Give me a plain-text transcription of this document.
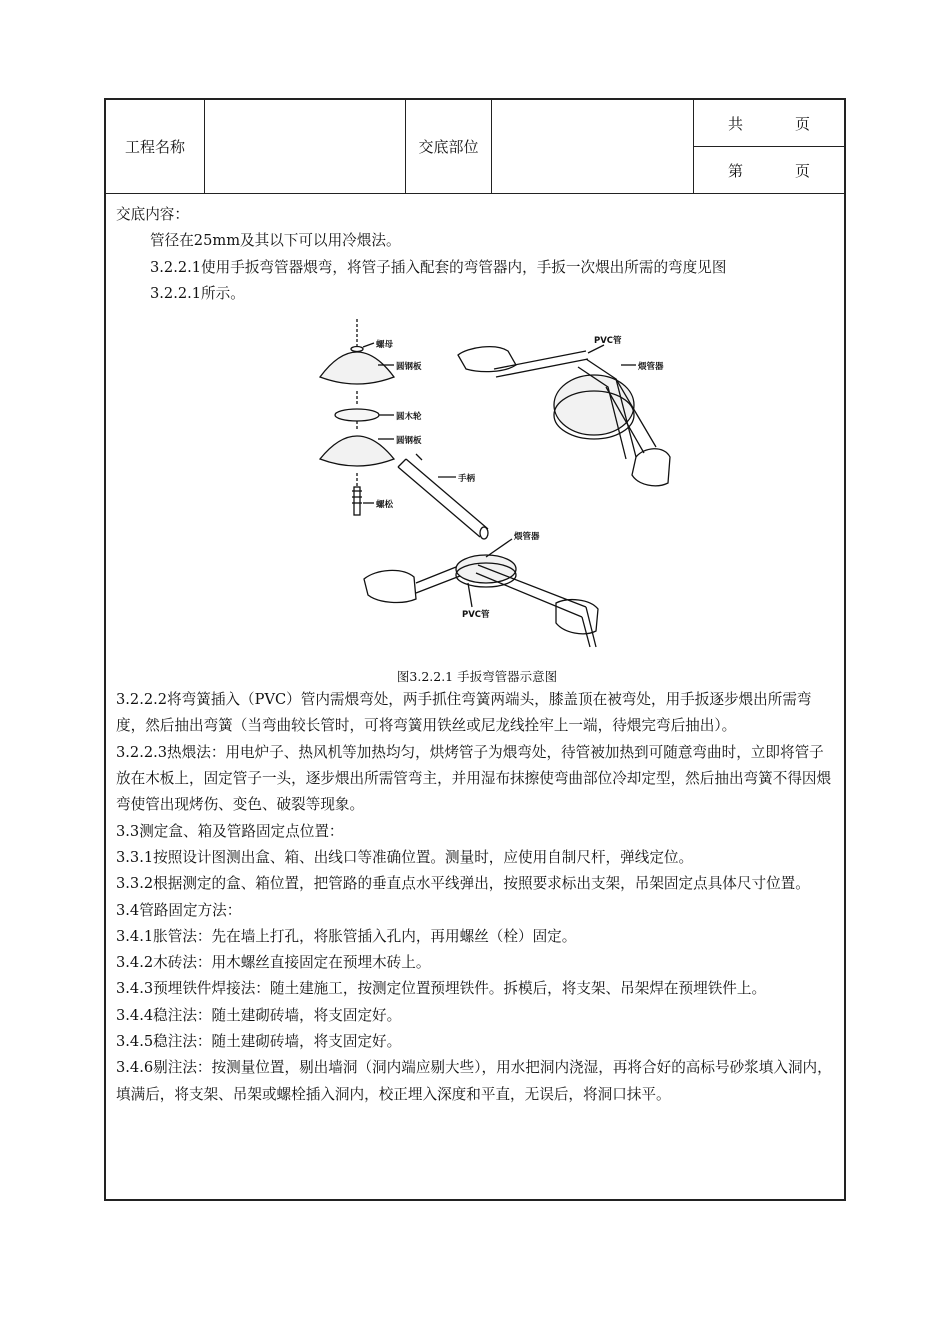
工程名称	交底部位
共	页
第	页

交底内容：

管径在25mm及其以下可以用冷煨法。

3.2.2.1使用手扳弯管器煨弯，将管子插入配套的弯管器内，手扳一次煨出所需的弯度见图

3.2.2.1所示。

螺母
圆钢板
圆木轮
圆钢板
螺松
手柄
PVC管
煨管器
煨管器
PVC管

图3.2.2.1 手扳弯管器示意图

3.2.2.2将弯簧插入（PVC）管内需煨弯处，两手抓住弯簧两端头，膝盖顶在被弯处，用手扳逐步煨出所需弯度，然后抽出弯簧（当弯曲较长管时，可将弯簧用铁丝或尼龙线拴牢上一端，待煨完弯后抽出）。

3.2.2.3热煨法：用电炉子、热风机等加热均匀，烘烤管子为煨弯处，待管被加热到可随意弯曲时，立即将管子放在木板上，固定管子一头，逐步煨出所需管弯主，并用湿布抹擦使弯曲部位冷却定型，然后抽出弯簧不得因煨弯使管出现烤伤、变色、破裂等现象。

3.3测定盒、箱及管路固定点位置：

3.3.1按照设计图测出盒、箱、出线口等准确位置。测量时，应使用自制尺杆，弹线定位。

3.3.2根据测定的盒、箱位置，把管路的垂直点水平线弹出，按照要求标出支架，吊架固定点具体尺寸位置。

3.4管路固定方法：

3.4.1胀管法：先在墙上打孔，将胀管插入孔内，再用螺丝（栓）固定。

3.4.2木砖法：用木螺丝直接固定在预埋木砖上。

3.4.3预埋铁件焊接法：随土建施工，按测定位置预埋铁件。拆模后，将支架、吊架焊在预埋铁件上。

3.4.4稳注法：随土建砌砖墙，将支固定好。

3.4.5稳注法：随土建砌砖墙，将支固定好。

3.4.6剔注法：按测量位置，剔出墙洞（洞内端应剔大些），用水把洞内浇湿，再将合好的高标号砂浆填入洞内，填满后，将支架、吊架或螺栓插入洞内，校正埋入深度和平直，无误后，将洞口抹平。
